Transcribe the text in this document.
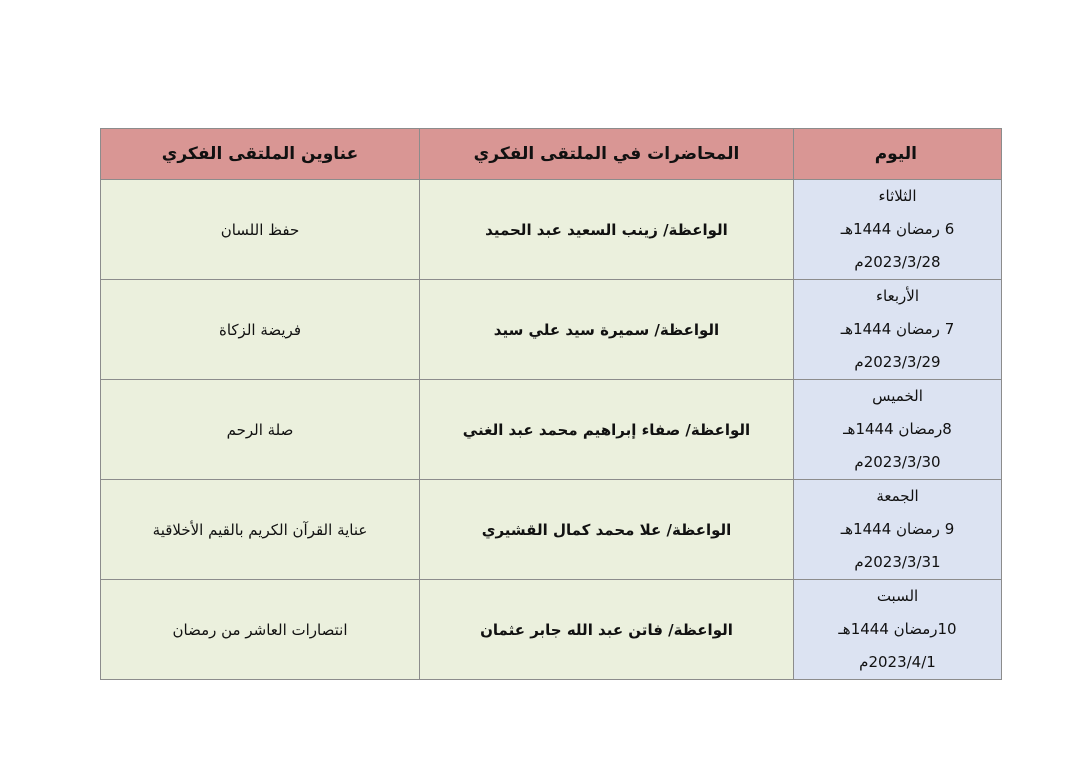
اليوم	المحاضرات في الملتقى الفكري	عناوين الملتقى الفكري

الثلاثاء
6 رمضان 1444هـ
2023/3/28م	الواعظة/ زينب السعيد عبد الحميد	حفظ اللسان

الأربعاء
7 رمضان 1444هـ
2023/3/29م	الواعظة/ سميرة سيد علي سيد	فريضة الزكاة

الخميس
8رمضان 1444هـ
2023/3/30م	الواعظة/ صفاء إبراهيم محمد عبد الغني	صلة الرحم

الجمعة
9 رمضان 1444هـ
2023/3/31م	الواعظة/ علا محمد كمال القشيري	عناية القرآن الكريم بالقيم الأخلاقية

السبت
10رمضان 1444هـ
2023/4/1م	الواعظة/ فاتن عبد الله جابر عثمان	انتصارات العاشر من رمضان
